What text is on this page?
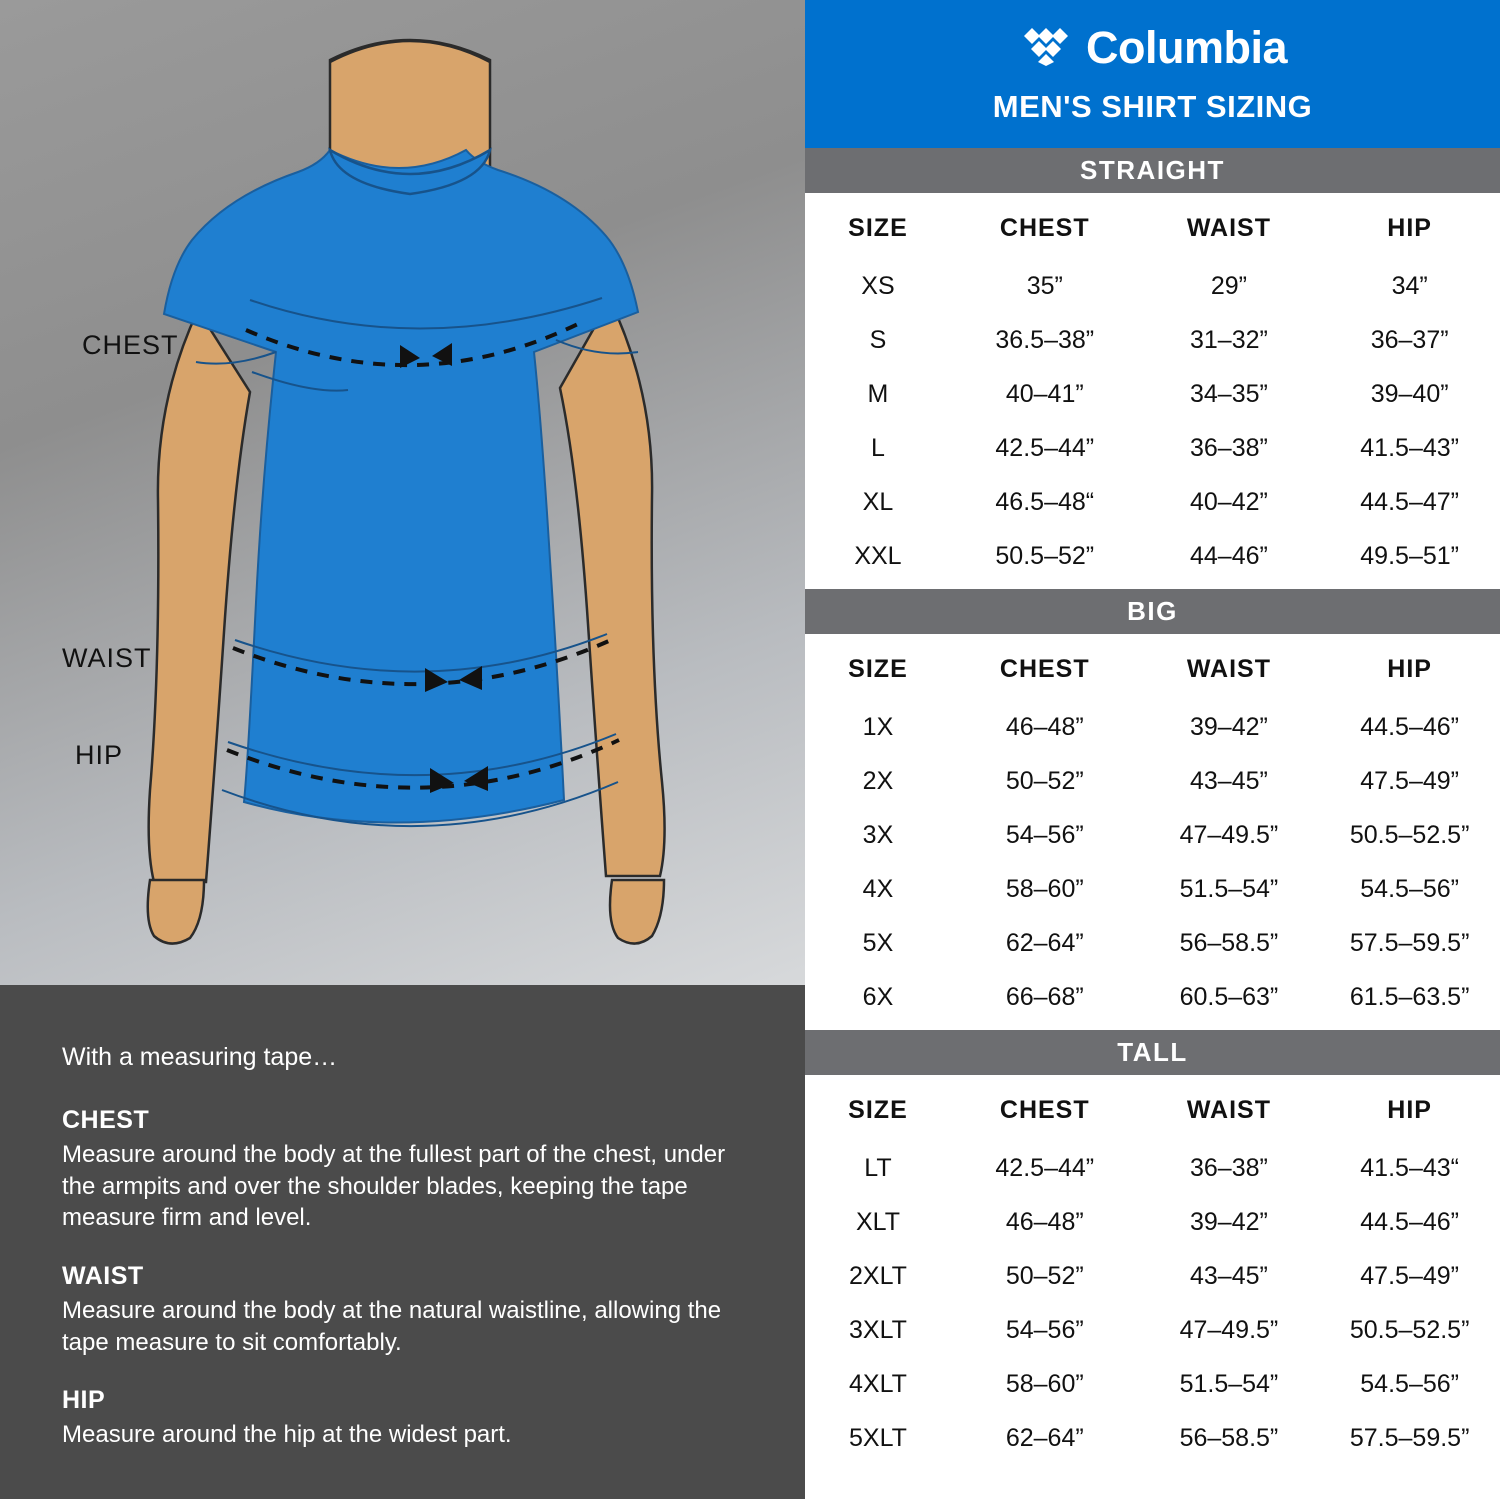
CHEST
WAIST
HIP

With a measuring tape…

CHEST

Measure around the body at the fullest part of the chest, under the armpits and over the shoulder blades, keeping the tape measure firm and level.

WAIST

Measure around the body at the natural waistline, allowing the tape measure to sit comfortably.

HIP

Measure around the hip at the widest part.

Columbia
MEN'S SHIRT SIZING
STRAIGHT
SIZE	CHEST	WAIST	HIP
XS	35”	29”	34”
S	36.5–38”	31–32”	36–37”
M	40–41”	34–35”	39–40”
L	42.5–44”	36–38”	41.5–43”
XL	46.5–48“	40–42”	44.5–47”
XXL	50.5–52”	44–46”	49.5–51”
BIG
SIZE	CHEST	WAIST	HIP
1X	46–48”	39–42”	44.5–46”
2X	50–52”	43–45”	47.5–49”
3X	54–56”	47–49.5”	50.5–52.5”
4X	58–60”	51.5–54”	54.5–56”
5X	62–64”	56–58.5”	57.5–59.5”
6X	66–68”	60.5–63”	61.5–63.5”
TALL
SIZE	CHEST	WAIST	HIP
LT	42.5–44”	36–38”	41.5–43“
XLT	46–48”	39–42”	44.5–46”
2XLT	50–52”	43–45”	47.5–49”
3XLT	54–56”	47–49.5”	50.5–52.5”
4XLT	58–60”	51.5–54”	54.5–56”
5XLT	62–64”	56–58.5”	57.5–59.5”
